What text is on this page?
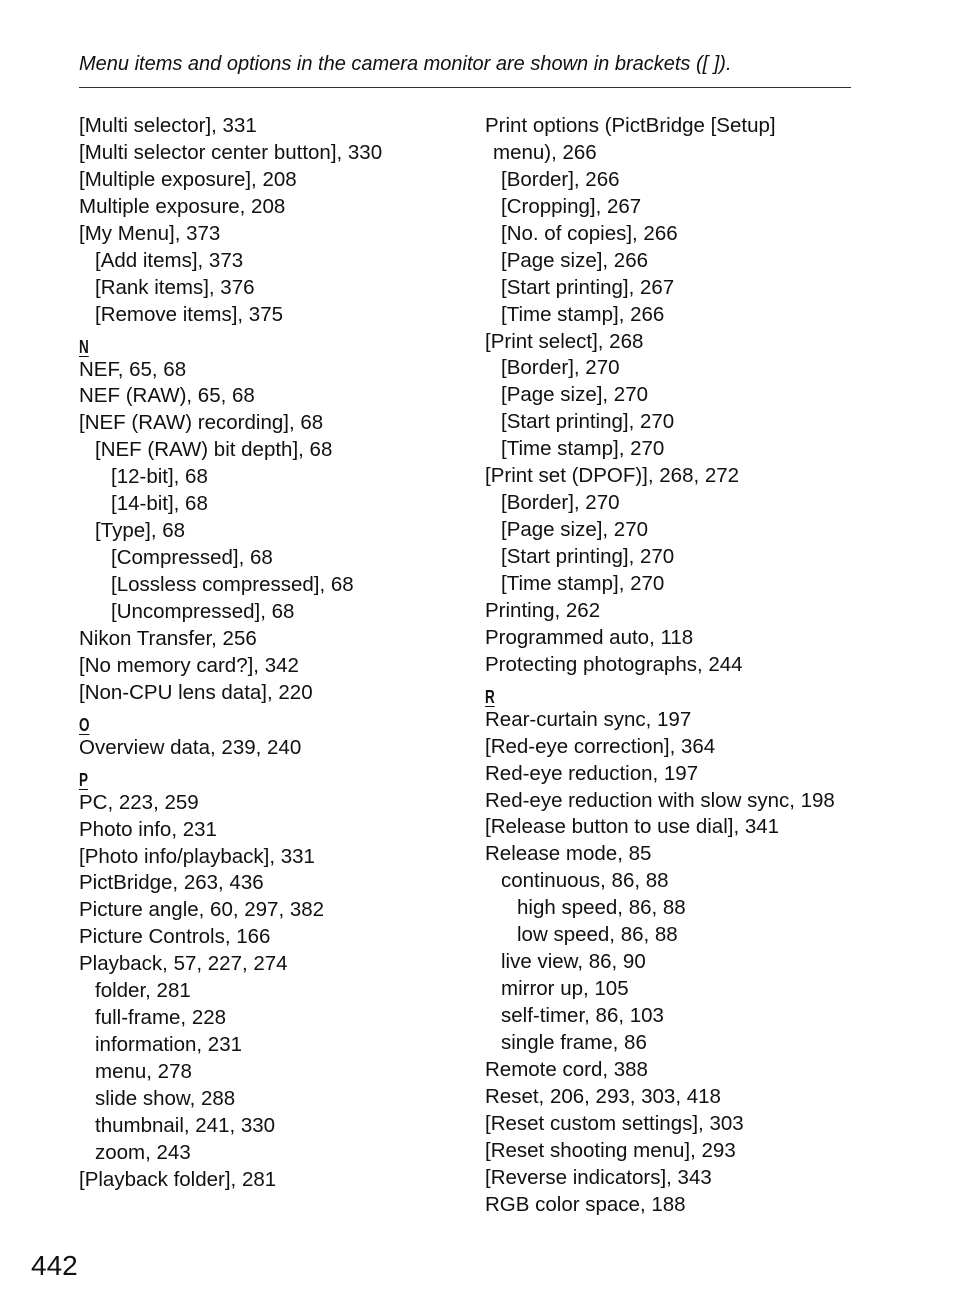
Menu items and options in the camera monitor are shown in brackets ([ ]).
[Multi selector], 331
[Multi selector center button], 330
[Multiple exposure], 208
Multiple exposure, 208
[My Menu], 373
[Add items], 373
[Rank items], 376
[Remove items], 375
N
NEF, 65, 68
NEF (RAW), 65, 68
[NEF (RAW) recording], 68
[NEF (RAW) bit depth], 68
[12-bit], 68
[14-bit], 68
[Type], 68
[Compressed], 68
[Lossless compressed], 68
[Uncompressed], 68
Nikon Transfer, 256
[No memory card?], 342
[Non-CPU lens data], 220
O
Overview data, 239, 240
P
PC, 223, 259
Photo info, 231
[Photo info/playback], 331
PictBridge, 263, 436
Picture angle, 60, 297, 382
Picture Controls, 166
Playback, 57, 227, 274
folder, 281
full-frame, 228
information, 231
menu, 278
slide show, 288
thumbnail, 241, 330
zoom, 243
[Playback folder], 281
Print options (PictBridge [Setup]
menu), 266
[Border], 266
[Cropping], 267
[No. of copies], 266
[Page size], 266
[Start printing], 267
[Time stamp], 266
[Print select], 268
[Border], 270
[Page size], 270
[Start printing], 270
[Time stamp], 270
[Print set (DPOF)], 268, 272
[Border], 270
[Page size], 270
[Start printing], 270
[Time stamp], 270
Printing, 262
Programmed auto, 118
Protecting photographs, 244
R
Rear-curtain sync, 197
[Red-eye correction], 364
Red-eye reduction, 197
Red-eye reduction with slow sync, 198
[Release button to use dial], 341
Release mode, 85
continuous, 86, 88
high speed, 86, 88
low speed, 86, 88
live view, 86, 90
mirror up, 105
self-timer, 86, 103
single frame, 86
Remote cord, 388
Reset, 206, 293, 303, 418
[Reset custom settings], 303
[Reset shooting menu], 293
[Reverse indicators], 343
RGB color space, 188
442
